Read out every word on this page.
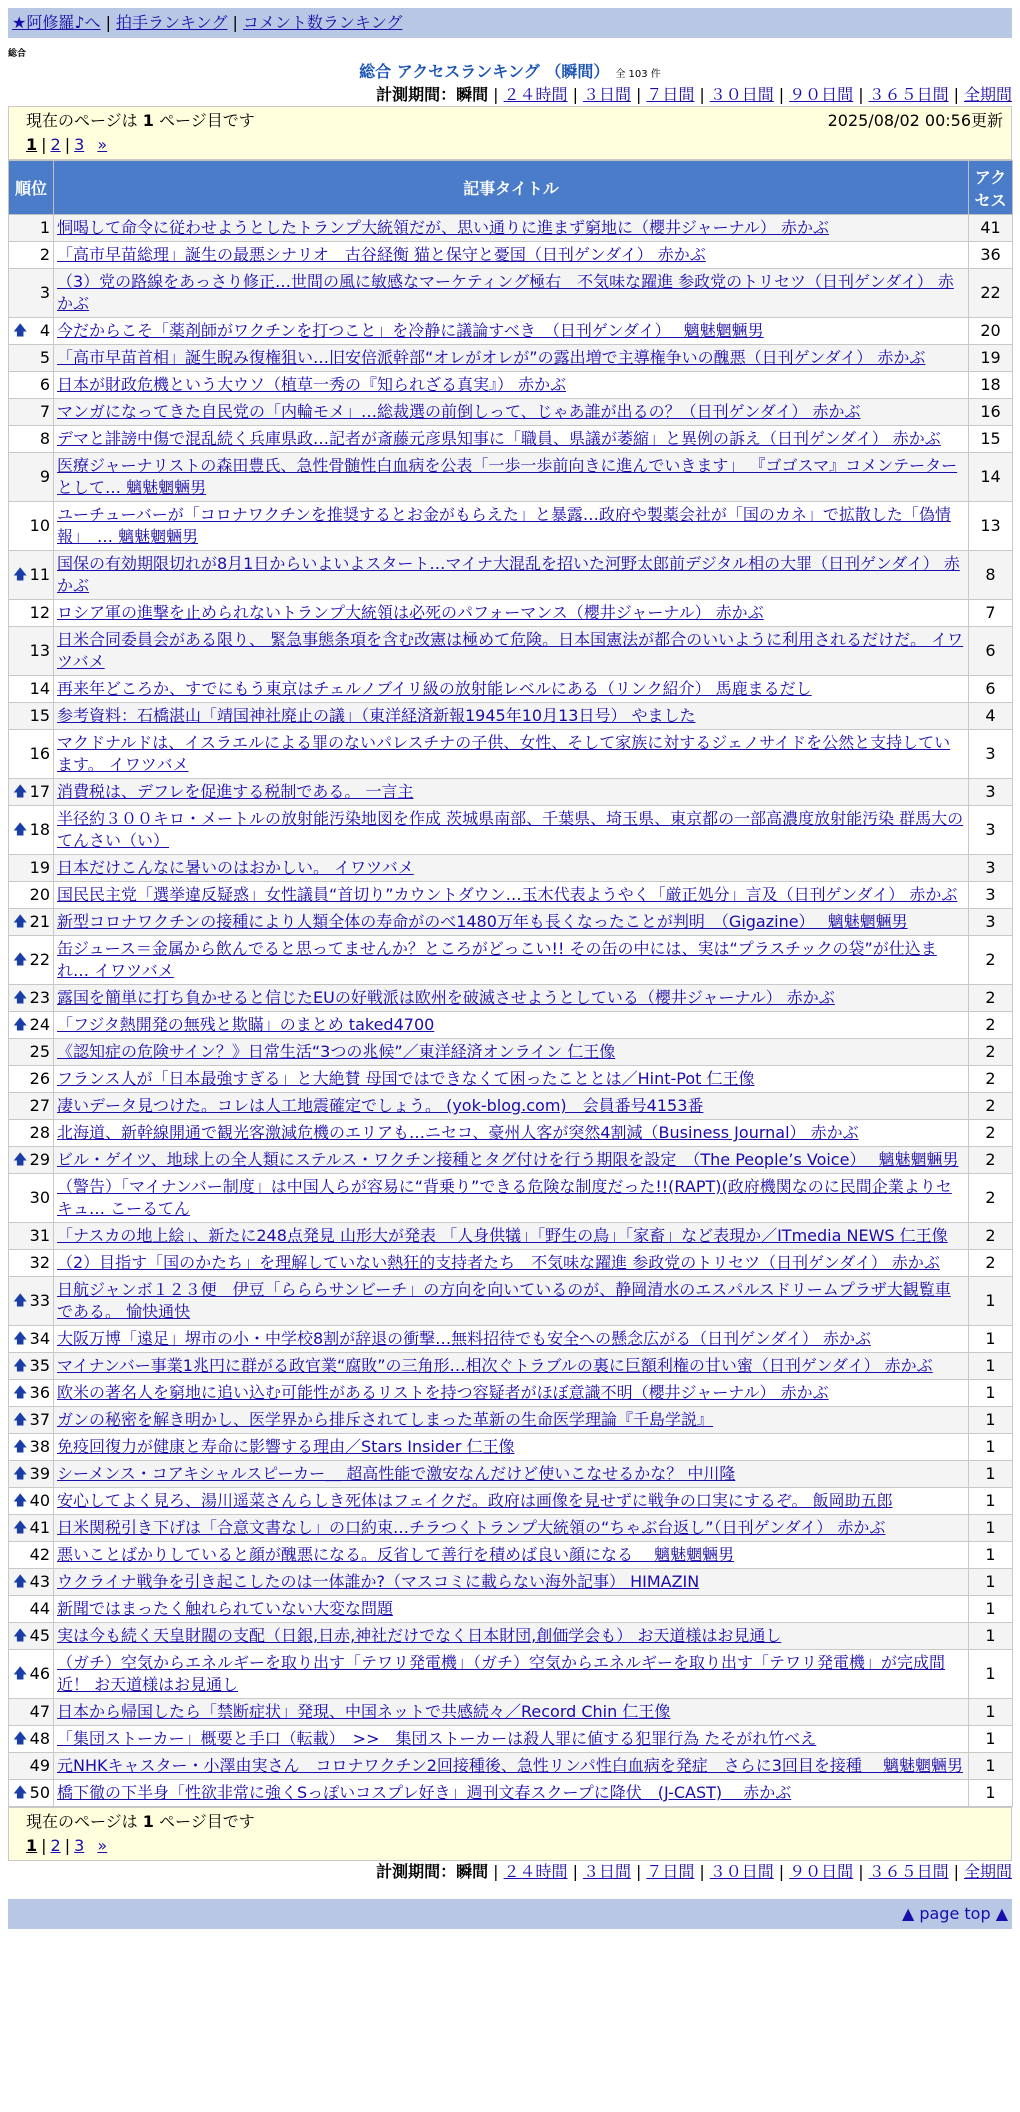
★阿修羅♪へ | 拍手ランキング | コメント数ランキング
総合
総合 アクセスランキング （瞬間） 全 103 件
計測期間：瞬間 | ２４時間 | ３日間 | ７日間 | ３０日間 | ９０日間 | ３６５日間 | 全期間
現在のページは 1 ページ目です	2025/08/02 00:56更新
1 | 2 | 3 »
順位	記事タイトル	アクセス
1	恫喝して命令に従わせようとしたトランプ大統領だが、思い通りに進まず窮地に（櫻井ジャーナル） 赤かぶ	41
2	「高市早苗総理」誕生の最悪シナリオ　古谷経衡 猫と保守と憂国（日刊ゲンダイ） 赤かぶ	36
3	（3）党の路線をあっさり修正…世間の風に敏感なマーケティング極右　不気味な躍進 参政党のトリセツ（日刊ゲンダイ） 赤かぶ	22

🡅 4	今だからこそ「薬剤師がワクチンを打つこと」を冷静に議論すべき　（日刊ゲンダイ）　 魑魅魍魎男	20
5	「高市早苗首相」誕生睨み復権狙い…旧安倍派幹部“オレがオレが”の露出増で主導権争いの醜悪（日刊ゲンダイ） 赤かぶ	19
6	日本が財政危機という大ウソ（植草一秀の『知られざる真実』） 赤かぶ	18
7	マンガになってきた自民党の「内輪モメ」…総裁選の前倒しって、じゃあ誰が出るの？（日刊ゲンダイ） 赤かぶ	16
8	デマと誹謗中傷で混乱続く兵庫県政…記者が斎藤元彦県知事に「職員、県議が萎縮」と異例の訴え（日刊ゲンダイ） 赤かぶ	15
9	医療ジャーナリストの森田豊氏、急性骨髄性白血病を公表「一歩一歩前向きに進んでいきます」 『ゴゴスマ』コメンテーターとして… 魑魅魍魎男	14
10	ユーチューバーが「コロナワクチンを推奨するとお金がもらえた」と暴露…政府や製薬会社が「国のカネ」で拡散した「偽情報」　… 魑魅魍魎男	13

🡅 11	国保の有効期限切れが8月1日からいよいよスタート…マイナ大混乱を招いた河野太郎前デジタル相の大罪（日刊ゲンダイ） 赤かぶ	8
12	ロシア軍の進撃を止められないトランプ大統領は必死のパフォーマンス（櫻井ジャーナル） 赤かぶ	7
13	日米合同委員会がある限り、 緊急事態条項を含む改憲は極めて危険。日本国憲法が都合のいいように利用されるだけだ。 イワツバメ	6
14	再来年どころか、すでにもう東京はチェルノブイリ級の放射能レベルにある（リンク紹介） 馬鹿まるだし	6
15	参考資料：石橋湛山「靖国神社廃止の議」（東洋経済新報1945年10月13日号） やました	4
16	マクドナルドは、イスラエルによる罪のないパレスチナの子供、女性、そして家族に対するジェノサイドを公然と支持しています。 イワツバメ	3

🡅 17	消費税は、デフレを促進する税制である。 一言主	3

🡅 18	半径約３００キロ・メートルの放射能汚染地図を作成 茨城県南部、千葉県、埼玉県、東京都の一部高濃度放射能汚染 群馬大のてんさい（い）	3
19	日本だけこんなに暑いのはおかしい。 イワツバメ	3
20	国民民主党「選挙違反疑惑」女性議員“首切り”カウントダウン…玉木代表ようやく「厳正処分」言及（日刊ゲンダイ） 赤かぶ	3

🡅 21	新型コロナワクチンの接種により人類全体の寿命がのべ1480万年も長くなったことが判明　（Gigazine）　 魑魅魍魎男	3

🡅 22	缶ジュース＝金属から飲んでると思ってませんか？ところがどっこい!! その缶の中には、実は“プラスチックの袋”が仕込まれ… イワツバメ	2

🡅 23	露国を簡単に打ち負かせると信じたEUの好戦派は欧州を破滅させようとしている（櫻井ジャーナル） 赤かぶ	2

🡅 24	「フジタ熱開発の無残と欺瞞」のまとめ taked4700	2
25	《認知症の危険サイン？》日常生活“3つの兆候”／東洋経済オンライン 仁王像	2
26	フランス人が「日本最強すぎる」と大絶賛 母国ではできなくて困ったこととは／Hint-Pot 仁王像	2
27	凄いデータ見つけた。コレは人工地震確定でしょう。 (yok-blog.com)　会員番号4153番	2
28	北海道、新幹線開通で観光客激減危機のエリアも…ニセコ、豪州人客が突然4割減（Business Journal） 赤かぶ	2

🡅 29	ビル・ゲイツ、地球上の全人類にステルス・ワクチン接種とタグ付けを行う期限を設定　（The People’s Voice）　 魑魅魍魎男	2
30	（警告）「マイナンバー制度」は中国人らが容易に“背乗り”できる危険な制度だった!!(RAPT)(政府機関なのに民間企業よりセキュ… こーるてん	2
31	「ナスカの地上絵」、新たに248点発見 山形大が発表 「人身供犠」「野生の鳥」「家畜」など表現か／ITmedia NEWS 仁王像	2
32	（2）目指す「国のかたち」を理解していない熱狂的支持者たち　不気味な躍進 参政党のトリセツ（日刊ゲンダイ） 赤かぶ	2

🡅 33	日航ジャンボ１２３便　伊豆「らららサンビーチ」の方向を向いているのが、静岡清水のエスパルスドリームプラザ大観覧車である。 愉快通快	1

🡅 34	大阪万博「遠足」堺市の小・中学校8割が辞退の衝撃…無料招待でも安全への懸念広がる（日刊ゲンダイ） 赤かぶ	1

🡅 35	マイナンバー事業1兆円に群がる政官業“腐敗”の三角形…相次ぐトラブルの裏に巨額利権の甘い蜜（日刊ゲンダイ） 赤かぶ	1

🡅 36	欧米の著名人を窮地に追い込む可能性があるリストを持つ容疑者がほぼ意識不明（櫻井ジャーナル） 赤かぶ	1

🡅 37	ガンの秘密を解き明かし、医学界から排斥されてしまった革新の生命医学理論『千島学説』	1

🡅 38	免疫回復力が健康と寿命に影響する理由／Stars Insider 仁王像	1

🡅 39	シーメンス・コアキシャルスピーカー＿ 超高性能で激安なんだけど使いこなせるかな？ 中川隆	1

🡅 40	安心してよく見ろ、湯川遥菜さんらしき死体はフェイクだ。政府は画像を見せずに戦争の口実にするぞ。 飯岡助五郎	1

🡅 41	日米関税引き下げは「合意文書なし」の口約束…チラつくトランプ大統領の“ちゃぶ台返し”（日刊ゲンダイ） 赤かぶ	1
42	悪いことばかりしていると顔が醜悪になる。反省して善行を積めば良い顔になる　 魑魅魍魎男	1

🡅 43	ウクライナ戦争を引き起こしたのは一体誰か?（マスコミに載らない海外記事） HIMAZIN	1
44	新聞ではまったく触れられていない大変な問題	1

🡅 45	実は今も続く天皇財閥の支配（日銀,日赤,神社だけでなく日本財団,創価学会も） お天道様はお見通し	1

🡅 46	（ガチ）空気からエネルギーを取り出す「テワリ発電機」（ガチ）空気からエネルギーを取り出す「テワリ発電機」が完成間近！ お天道様はお見通し	1
47	日本から帰国したら「禁断症状」発現、中国ネットで共感続々／Record Chin 仁王像	1

🡅 48	「集団ストーカー」概要と手口（転載）　>>　集団ストーカーは殺人罪に値する犯罪行為 たそがれ竹べえ	1
49	元NHKキャスター・小澤由実さん　コロナワクチン2回接種後、急性リンパ性白血病を発症　さらに3回目を接種　 魑魅魍魎男	1

🡅 50	橋下徹の下半身「性欲非常に強くSっぽいコスプレ好き」週刊文春スクープに降伏　(J-CAST)　 赤かぶ	1
現在のページは 1 ページ目です
1 | 2 | 3 »
計測期間：瞬間 | ２４時間 | ３日間 | ７日間 | ３０日間 | ９０日間 | ３６５日間 | 全期間
▲ page top ▲
